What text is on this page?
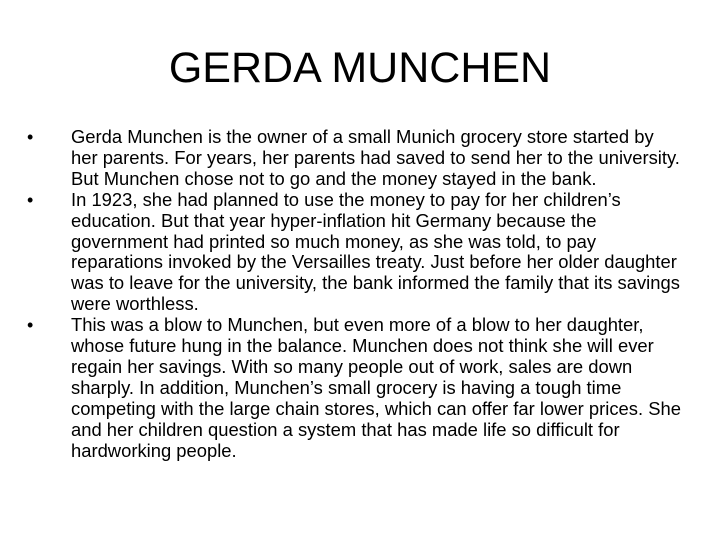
GERDA MUNCHEN
•	Gerda Munchen is the owner of a small Munich grocery store started by her parents. For years, her parents had saved to send her to the university. But Munchen chose not to go and the money stayed in the bank.
•	In 1923, she had planned to use the money to pay for her children’s education. But that year hyper-inflation hit Germany because the government had printed so much money, as she was told, to pay reparations invoked by the Versailles treaty. Just before her older daughter was to leave for the university, the bank informed the family that its savings were worthless.
•	This was a blow to Munchen, but even more of a blow to her daughter, whose future hung in the balance. Munchen does not think she will ever regain her savings. With so many people out of work, sales are down sharply. In addition, Munchen’s small grocery is having a tough time competing with the large chain stores, which can offer far lower prices. She and her children question a system that has made life so difficult for hardworking people.
